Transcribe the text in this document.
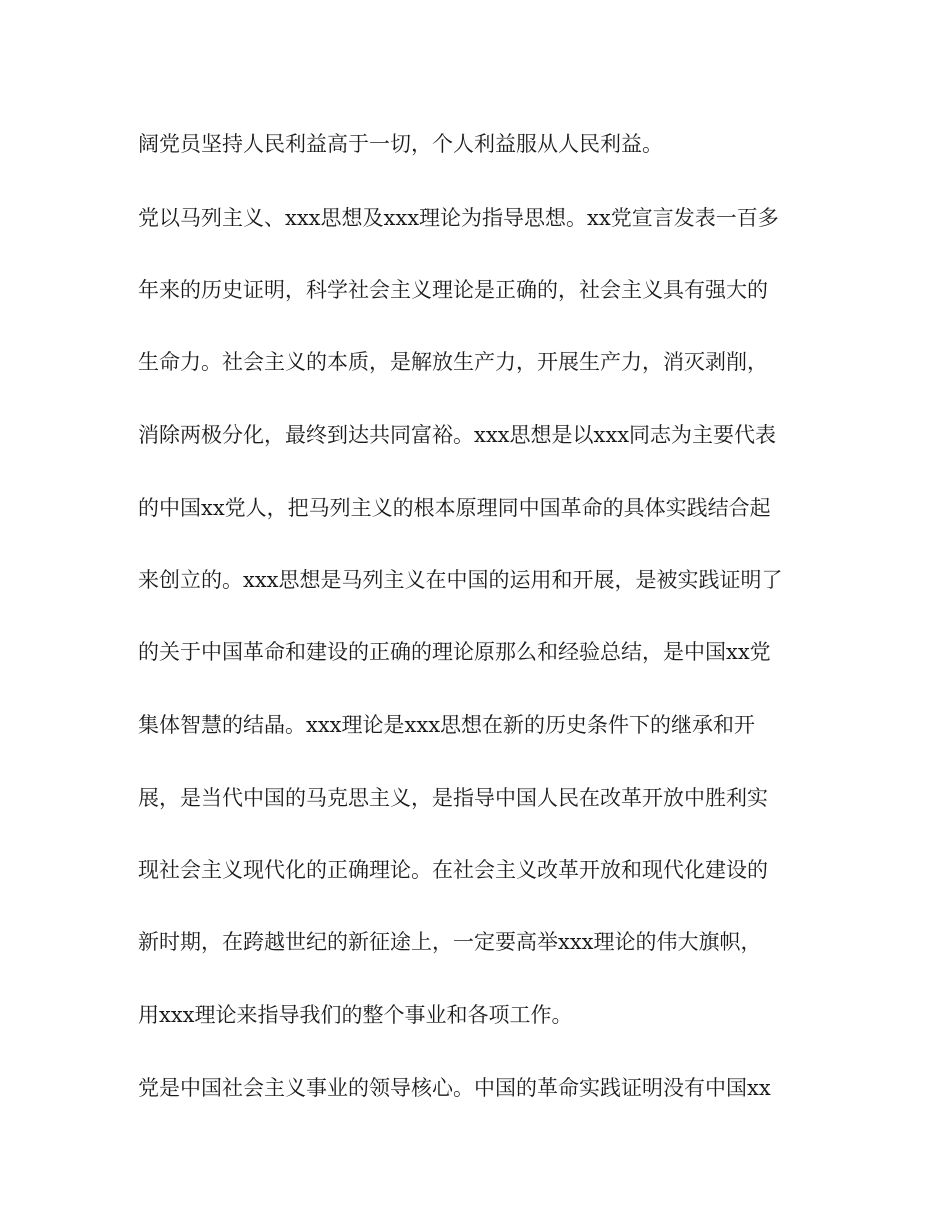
阔党员坚持人民利益高于一切，个人利益服从人民利益。
党以马列主义、xxx思想及xxx理论为指导思想。xx党宣言发表一百多
年来的历史证明，科学社会主义理论是正确的，社会主义具有强大的
生命力。社会主义的本质，是解放生产力，开展生产力，消灭剥削，
消除两极分化，最终到达共同富裕。xxx思想是以xxx同志为主要代表
的中国xx党人，把马列主义的根本原理同中国革命的具体实践结合起
来创立的。xxx思想是马列主义在中国的运用和开展，是被实践证明了
的关于中国革命和建设的正确的理论原那么和经验总结，是中国xx党
集体智慧的结晶。xxx理论是xxx思想在新的历史条件下的继承和开
展，是当代中国的马克思主义，是指导中国人民在改革开放中胜利实
现社会主义现代化的正确理论。在社会主义改革开放和现代化建设的
新时期，在跨越世纪的新征途上，一定要高举xxx理论的伟大旗帜，
用xxx理论来指导我们的整个事业和各项工作。
党是中国社会主义事业的领导核心。中国的革命实践证明没有中国xx
